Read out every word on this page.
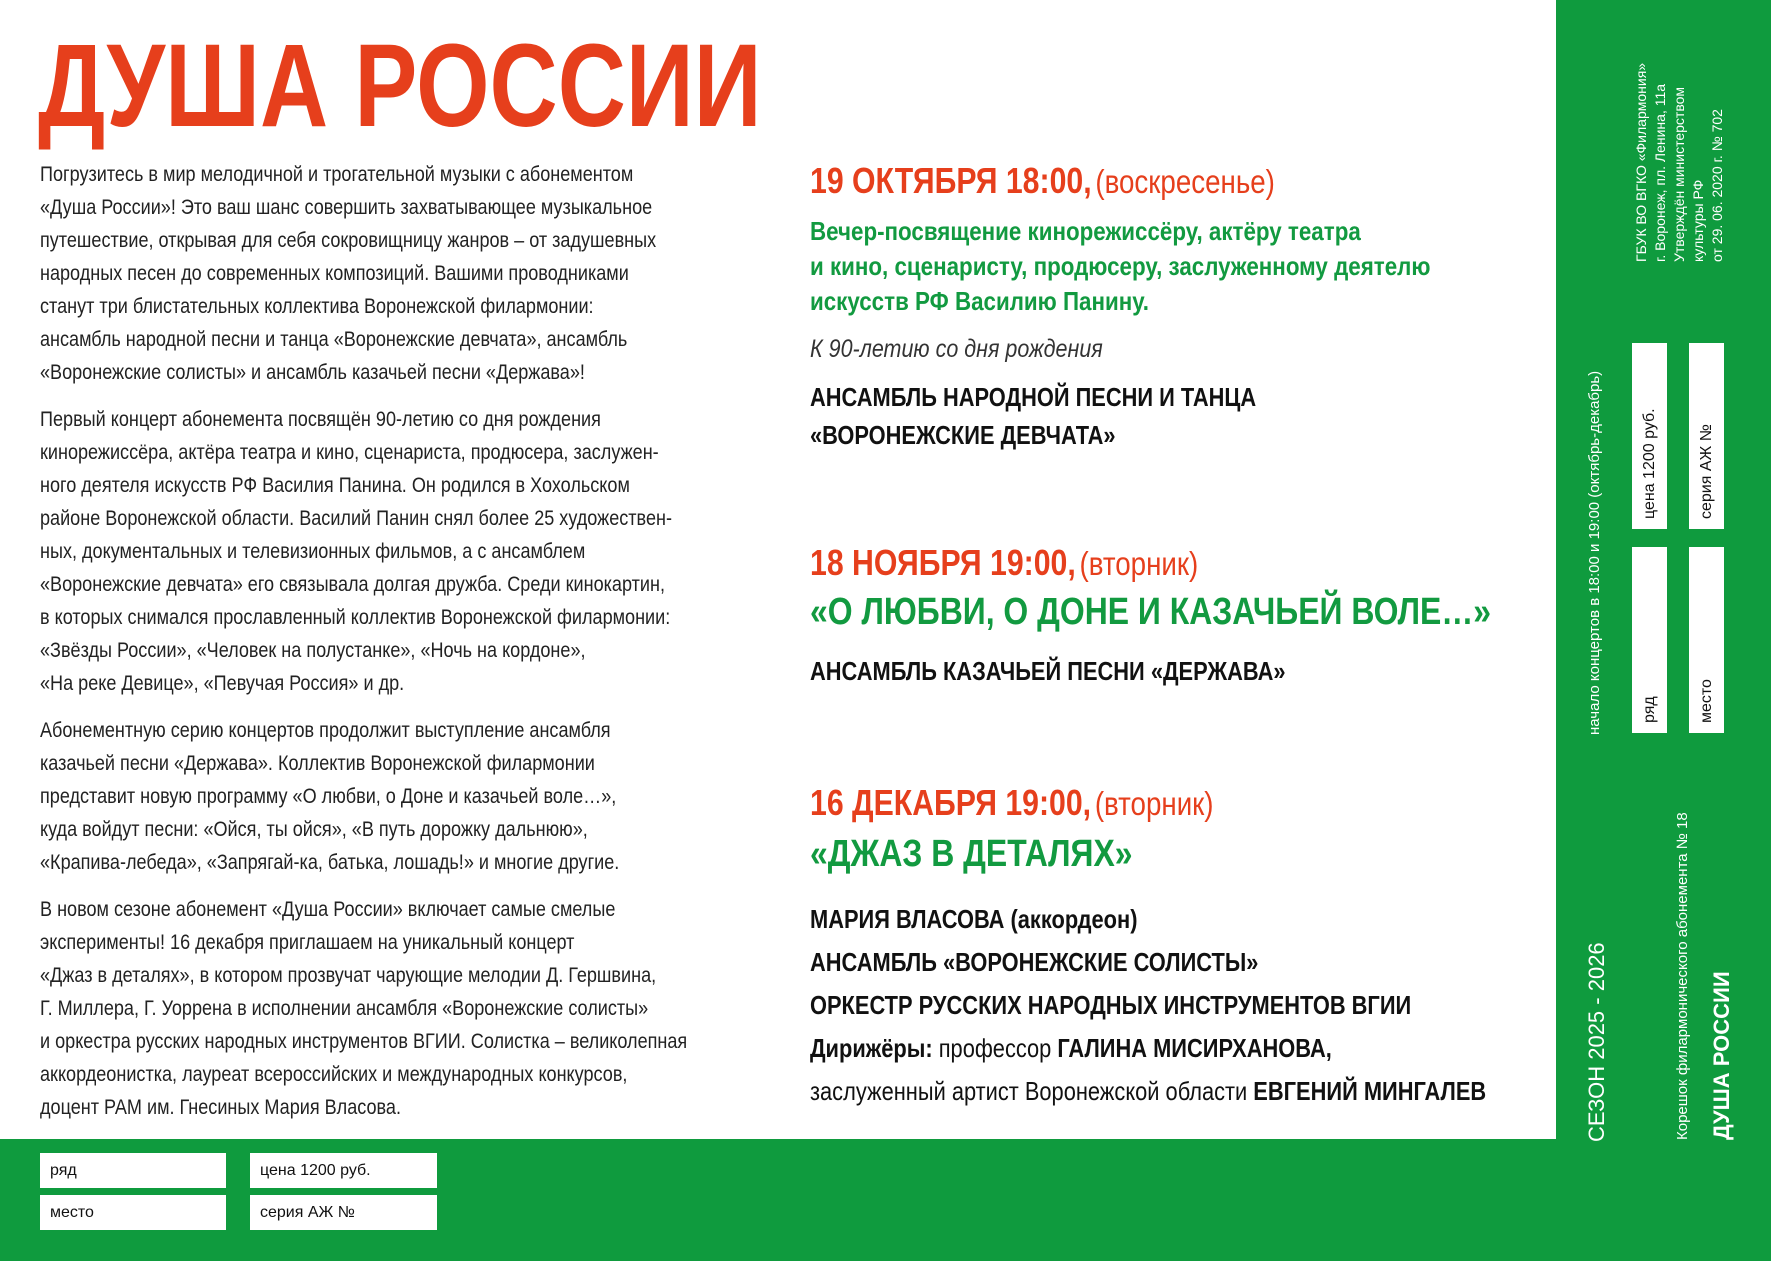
ДУША РОССИИ
Погрузитесь в мир мелодичной и трогательной музыки с абонементом
«Душа России»! Это ваш шанс совершить захватывающее музыкальное
путешествие, открывая для себя сокровищницу жанров – от задушевных
народных песен до современных композиций. Вашими проводниками
станут три блистательных коллектива Воронежской филармонии:
ансамбль народной песни и танца «Воронежские девчата», ансамбль
«Воронежские солисты» и ансамбль казачьей песни «Держава»!
Первый концерт абонемента посвящён 90-летию со дня рождения
кинорежиссёра, актёра театра и кино, сценариста, продюсера, заслужен-
ного деятеля искусств РФ Василия Панина. Он родился в Хохольском
районе Воронежской области. Василий Панин снял более 25 художествен-
ных, документальных и телевизионных фильмов, а с ансамблем
«Воронежские девчата» его связывала долгая дружба. Среди кинокартин,
в которых снимался прославленный коллектив Воронежской филармонии:
«Звёзды России», «Человек на полустанке», «Ночь на кордоне»,
«На реке Девице», «Певучая Россия» и др.
Абонементную серию концертов продолжит выступление ансамбля
казачьей песни «Держава». Коллектив Воронежской филармонии
представит новую программу «О любви, о Доне и казачьей воле…»,
куда войдут песни: «Ойся, ты ойся», «В путь дорожку дальнюю»,
«Крапива-лебеда», «Запрягай-ка, батька, лошадь!» и многие другие.
В новом сезоне абонемент «Душа России» включает самые смелые
эксперименты! 16 декабря приглашаем на уникальный концерт
«Джаз в деталях», в котором прозвучат чарующие мелодии Д. Гершвина,
Г. Миллера, Г. Уоррена в исполнении ансамбля «Воронежские солисты»
и оркестра русских народных инструментов ВГИИ. Солистка – великолепная
аккордеонистка, лауреат всероссийских и международных конкурсов,
доцент РАМ им. Гнесиных Мария Власова.
19 ОКТЯБРЯ 18:00, (воскресенье)
Вечер-посвящение кинорежиссёру, актёру театра
и кино, сценаристу, продюсеру, заслуженному деятелю
искусств РФ Василию Панину.
К 90-летию со дня рождения
АНСАМБЛЬ НАРОДНОЙ ПЕСНИ И ТАНЦА
«ВОРОНЕЖСКИЕ ДЕВЧАТА»
18 НОЯБРЯ 19:00, (вторник)
«О ЛЮБВИ, О ДОНЕ И КАЗАЧЬЕЙ ВОЛЕ…»
АНСАМБЛЬ КАЗАЧЬЕЙ ПЕСНИ «ДЕРЖАВА»
16 ДЕКАБРЯ 19:00, (вторник)
«ДЖАЗ В ДЕТАЛЯХ»
МАРИЯ ВЛАСОВА (аккордеон)
АНСАМБЛЬ «ВОРОНЕЖСКИЕ СОЛИСТЫ»
ОРКЕСТР РУССКИХ НАРОДНЫХ ИНСТРУМЕНТОВ ВГИИ
Дирижёры: профессор ГАЛИНА МИСИРХАНОВА,
заслуженный артист Воронежской области ЕВГЕНИЙ МИНГАЛЕВ
ряд
место
цена 1200 руб.
серия АЖ №
ГБУК ВО ВГКО «Филармония» г. Воронеж, пл. Ленина, 11а Утверждён министерством культуры РФ от 29. 06. 2020 г. № 702
начало концертов в 18:00 и 19:00 (октябрь-декабрь) цена 1200 руб.
ряд
серия АЖ №
место
СЕЗОН 2025 - 2026	Корешок филармонического абонемента № 18 ДУША РОССИИ
